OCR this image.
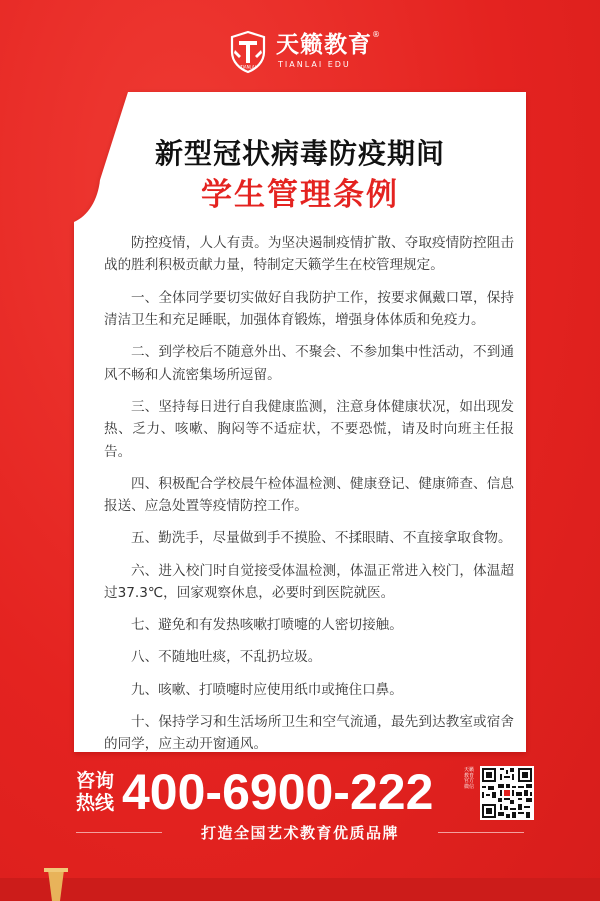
TIANLAI
天籁教育 ®
TIANLAI EDU
新型冠状病毒防疫期间
学生管理条例

防控疫情，人人有责。为坚决遏制疫情扩散、夺取疫情防控阻击战的胜利积极贡献力量，特制定天籁学生在校管理规定。

一、全体同学要切实做好自我防护工作，按要求佩戴口罩，保持清洁卫生和充足睡眠，加强体育锻炼，增强身体体质和免疫力。

二、到学校后不随意外出、不聚会、不参加集中性活动，不到通风不畅和人流密集场所逗留。

三、坚持每日进行自我健康监测，注意身体健康状况，如出现发热、乏力、咳嗽、胸闷等不适症状，不要恐慌，请及时向班主任报告。

四、积极配合学校晨午检体温检测、健康登记、健康筛查、信息报送、应急处置等疫情防控工作。

五、勤洗手，尽量做到手不摸脸、不揉眼睛、不直接拿取食物。

六、进入校门时自觉接受体温检测，体温正常进入校门，体温超过37.3℃，回家观察休息，必要时到医院就医。

七、避免和有发热咳嗽打喷嚏的人密切接触。

八、不随地吐痰，不乱扔垃圾。

九、咳嗽、打喷嚏时应使用纸巾或掩住口鼻。

十、保持学习和生活场所卫生和空气流通，最先到达教室或宿舍的同学，应主动开窗通风。

咨询
热线 400-6900-222	天籁教育官方微信
打造全国艺术教育优质品牌
